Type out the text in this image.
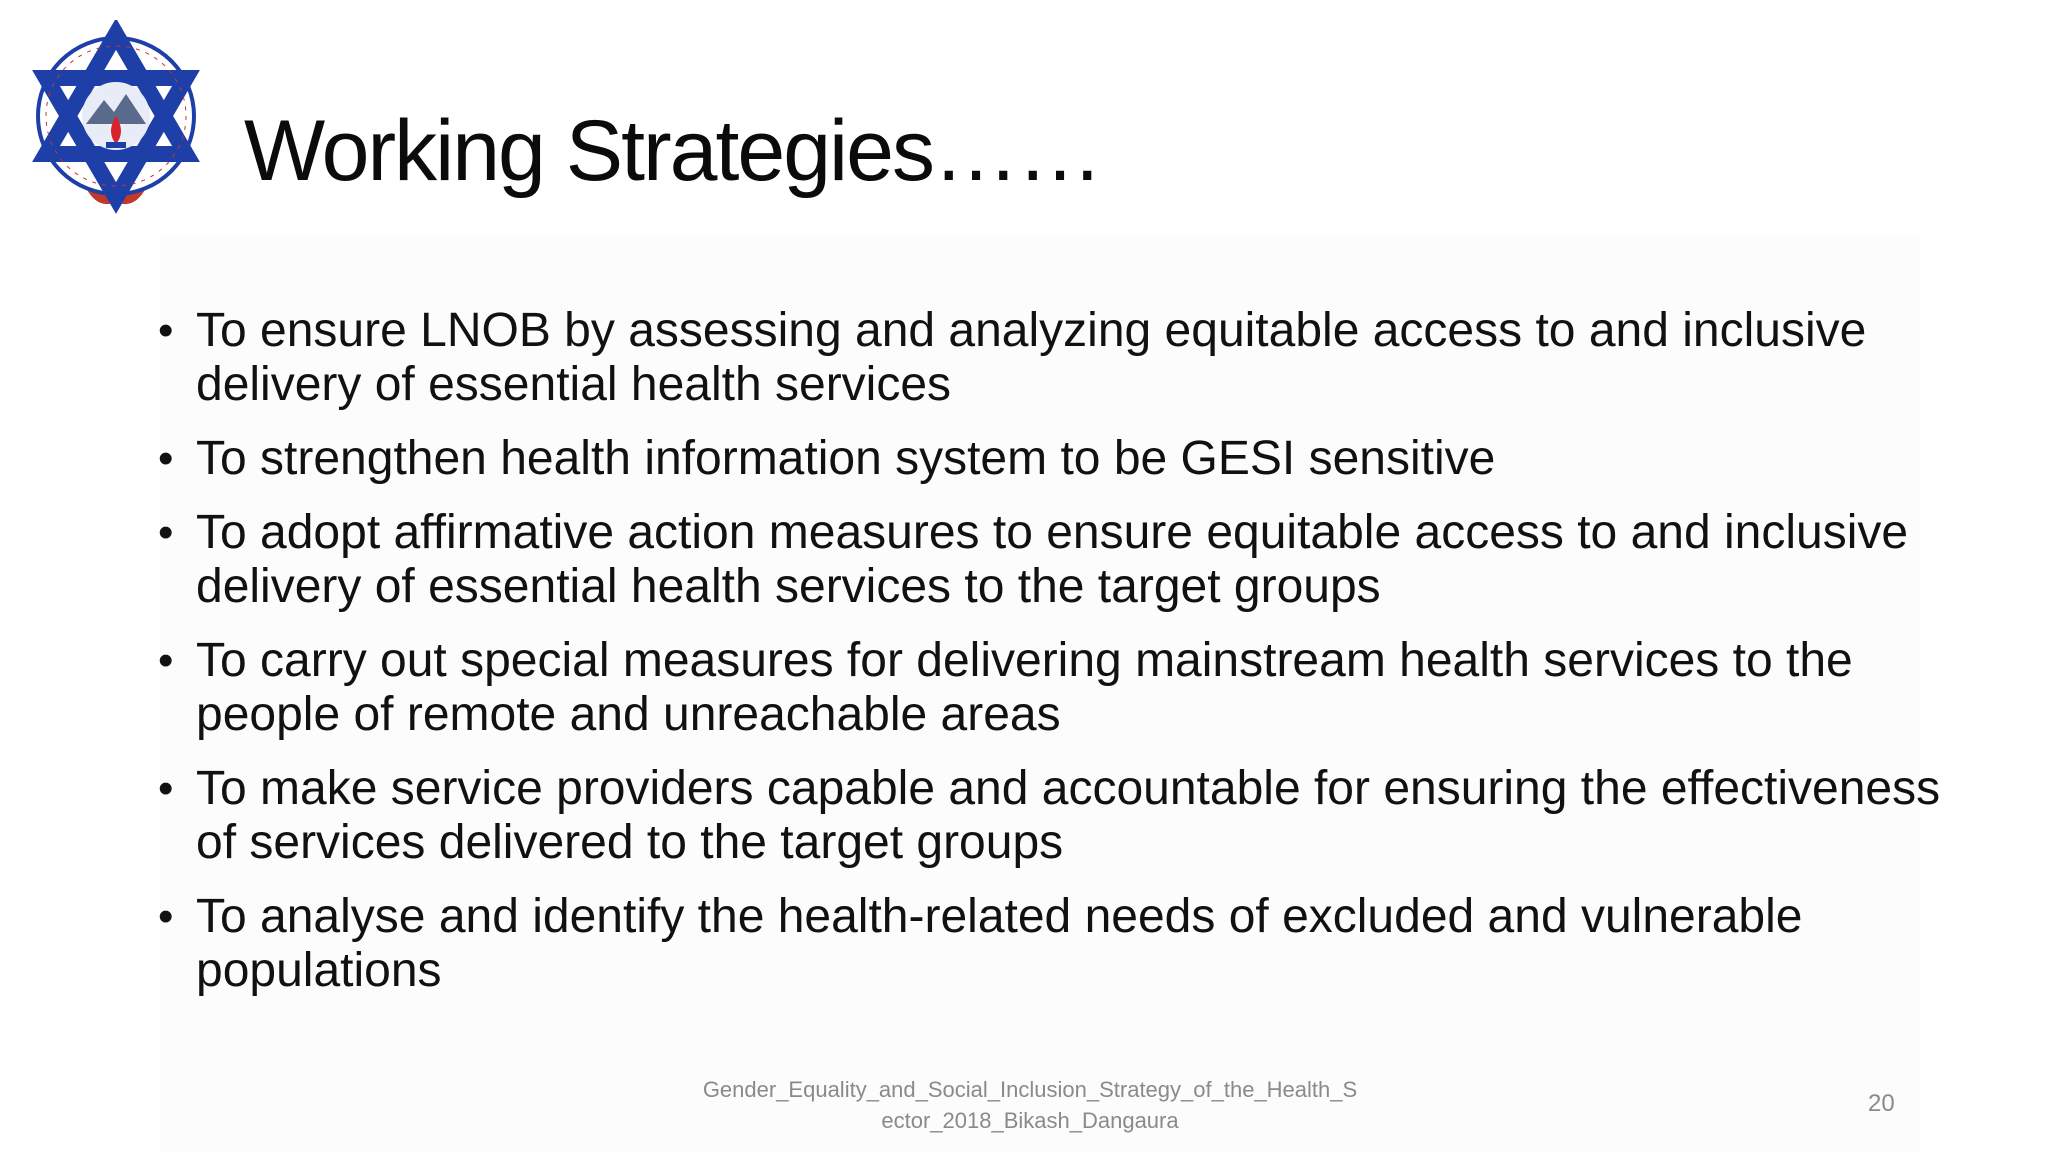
Working Strategies……
• To ensure LNOB by assessing and analyzing equitable access to and inclusive delivery of essential health services
• To strengthen health information system to be GESI sensitive
• To adopt affirmative action measures to ensure equitable access to and inclusive delivery of essential health services to the target groups
• To carry out special measures for delivering mainstream health services to the people of remote and unreachable areas
• To make service providers capable and accountable for ensuring the effectiveness of services delivered to the target groups
• To analyse and identify the health-related needs of excluded and vulnerable populations
Gender_Equality_and_Social_Inclusion_Strategy_of_the_Health_Sector_2018_Bikash_Dangaura
20
